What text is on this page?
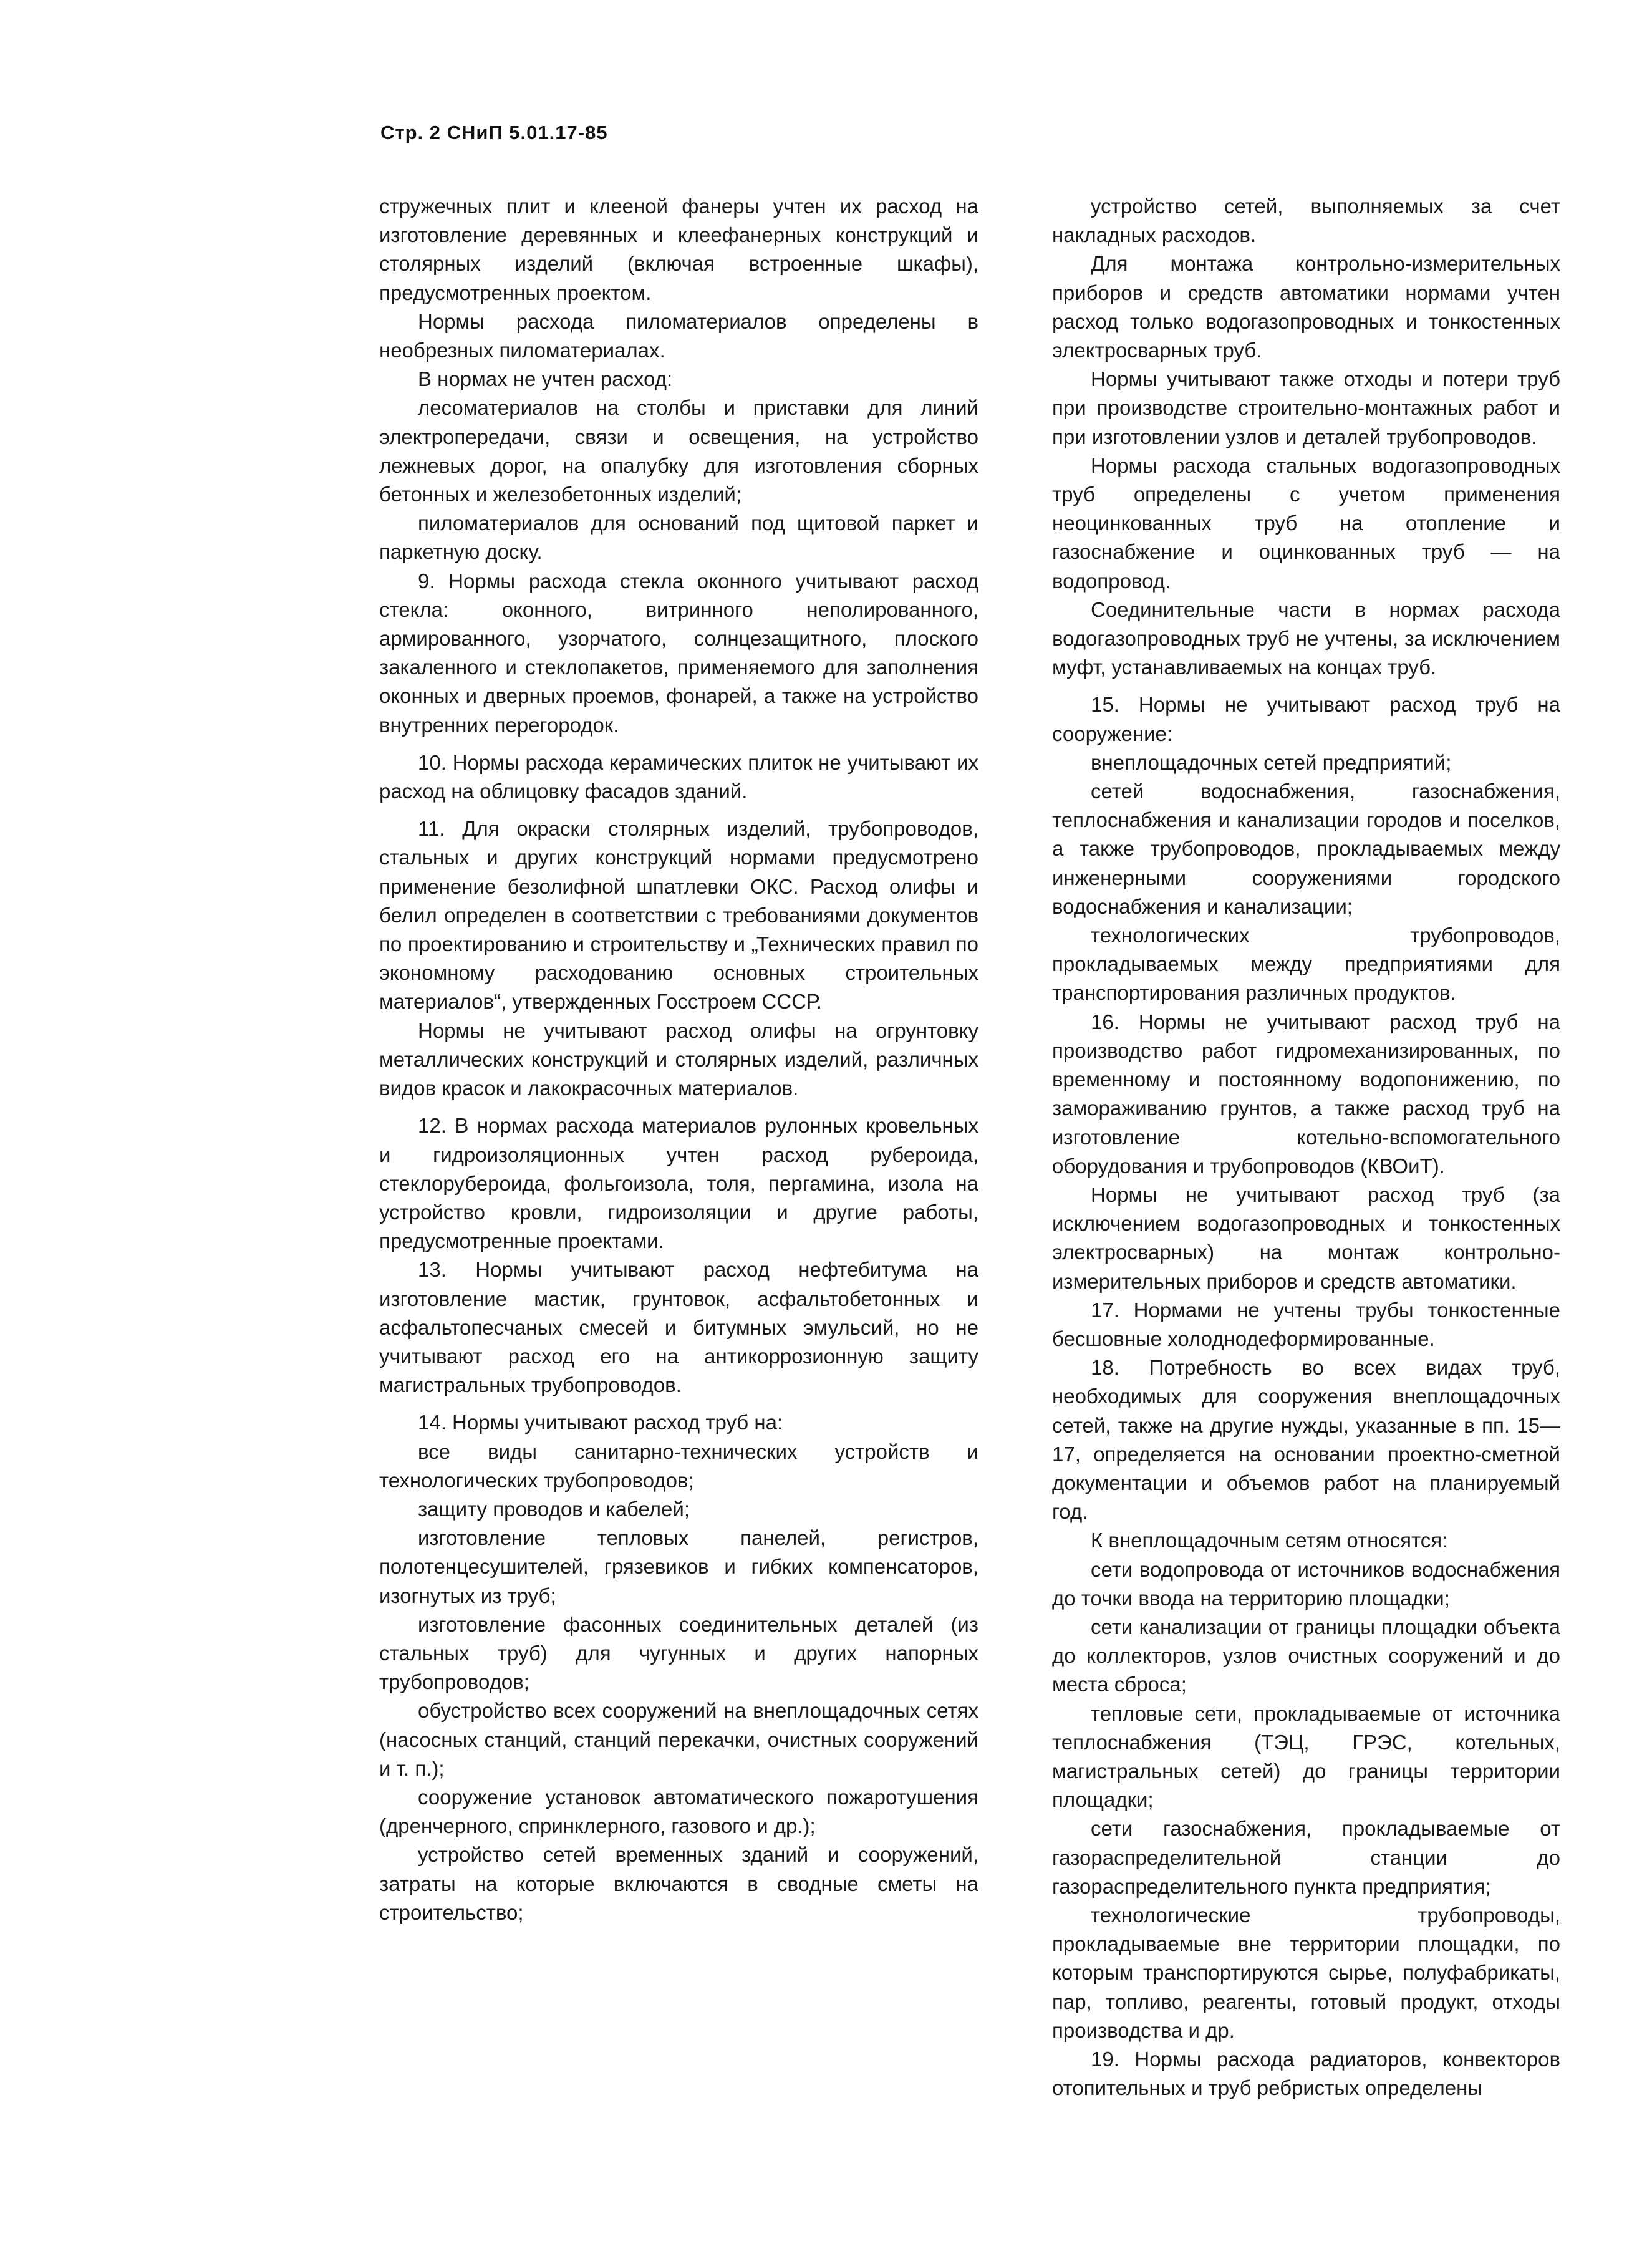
Стр. 2 СНиП 5.01.17-85

стружечных плит и клееной фанеры учтен их расход на изготовление деревянных и клеефанерных конструкций и столярных изделий (включая встроенные шкафы), предусмотренных проектом.

Нормы расхода пиломатериалов определены в необрезных пиломатериалах.

В нормах не учтен расход:

лесоматериалов на столбы и приставки для линий электропередачи, связи и освещения, на устройство лежневых дорог, на опалубку для изготовления сборных бетонных и железобетонных изделий;

пиломатериалов для оснований под щитовой паркет и паркетную доску.

9. Нормы расхода стекла оконного учитывают расход стекла: оконного, витринного неполированного, армированного, узорчатого, солнцезащитного, плоского закаленного и стеклопакетов, применяемого для заполнения оконных и дверных проемов, фонарей, а также на устройство внутренних перегородок.

10. Нормы расхода керамических плиток не учитывают их расход на облицовку фасадов зданий.

11. Для окраски столярных изделий, трубопроводов, стальных и других конструкций нормами предусмотрено применение безолифной шпатлевки ОКС. Расход олифы и белил определен в соответствии с требованиями документов по проектированию и строительству и „Технических правил по экономному расходованию основных строительных материалов“, утвержденных Госстроем СССР.

Нормы не учитывают расход олифы на огрунтовку металлических конструкций и столярных изделий, различных видов красок и лакокрасочных материалов.

12. В нормах расхода материалов рулонных кровельных и гидроизоляционных учтен расход рубероида, стеклорубероида, фольгоизола, толя, пергамина, изола на устройство кровли, гидроизоляции и другие работы, предусмотренные проектами.

13. Нормы учитывают расход нефтебитума на изготовление мастик, грунтовок, асфальтобетонных и асфальтопесчаных смесей и битумных эмульсий, но не учитывают расход его на антикоррозионную защиту магистральных трубопроводов.

14. Нормы учитывают расход труб на:

все виды санитарно-технических устройств и технологических трубопроводов;

защиту проводов и кабелей;

изготовление тепловых панелей, регистров, полотенцесушителей, грязевиков и гибких компенсаторов, изогнутых из труб;

изготовление фасонных соединительных деталей (из стальных труб) для чугунных и других напорных трубопроводов;

обустройство всех сооружений на внеплощадочных сетях (насосных станций, станций перекачки, очистных сооружений и т. п.);

сооружение установок автоматического пожаротушения (дренчерного, спринклерного, газового и др.);

устройство сетей временных зданий и сооружений, затраты на которые включаются в сводные сметы на строительство;

устройство сетей, выполняемых за счет накладных расходов.

Для монтажа контрольно-измерительных приборов и средств автоматики нормами учтен расход только водогазопроводных и тонкостенных электросварных труб.

Нормы учитывают также отходы и потери труб при производстве строительно-монтажных работ и при изготовлении узлов и деталей трубопроводов.

Нормы расхода стальных водогазопроводных труб определены с учетом применения неоцинкованных труб на отопление и газоснабжение и оцинкованных труб — на водопровод.

Соединительные части в нормах расхода водогазопроводных труб не учтены, за исключением муфт, устанавливаемых на концах труб.

15. Нормы не учитывают расход труб на сооружение:

внеплощадочных сетей предприятий;

сетей водоснабжения, газоснабжения, теплоснабжения и канализации городов и поселков, а также трубопроводов, прокладываемых между инженерными сооружениями городского водоснабжения и канализации;

технологических трубопроводов, прокладываемых между предприятиями для транспортирования различных продуктов.

16. Нормы не учитывают расход труб на производство работ гидромеханизированных, по временному и постоянному водопонижению, по замораживанию грунтов, а также расход труб на изготовление котельно-вспомогательного оборудования и трубопроводов (КВОиТ).

Нормы не учитывают расход труб (за исключением водогазопроводных и тонкостенных электросварных) на монтаж контрольно-измерительных приборов и средств автоматики.

17. Нормами не учтены трубы тонкостенные бесшовные холоднодеформированные.

18. Потребность во всех видах труб, необходимых для сооружения внеплощадочных сетей, также на другие нужды, указанные в пп. 15—17, определяется на основании проектно-сметной документации и объемов работ на планируемый год.

К внеплощадочным сетям относятся:

сети водопровода от источников водоснабжения до точки ввода на территорию площадки;

сети канализации от границы площадки объекта до коллекторов, узлов очистных сооружений и до места сброса;

тепловые сети, прокладываемые от источника теплоснабжения (ТЭЦ, ГРЭС, котельных, магистральных сетей) до границы территории площадки;

сети газоснабжения, прокладываемые от газораспределительной станции до газораспределительного пункта предприятия;

технологические трубопроводы, прокладываемые вне территории площадки, по которым транспортируются сырье, полуфабрикаты, пар, топливо, реагенты, готовый продукт, отходы производства и др.

19. Нормы расхода радиаторов, конвекторов отопительных и труб ребристых определены
